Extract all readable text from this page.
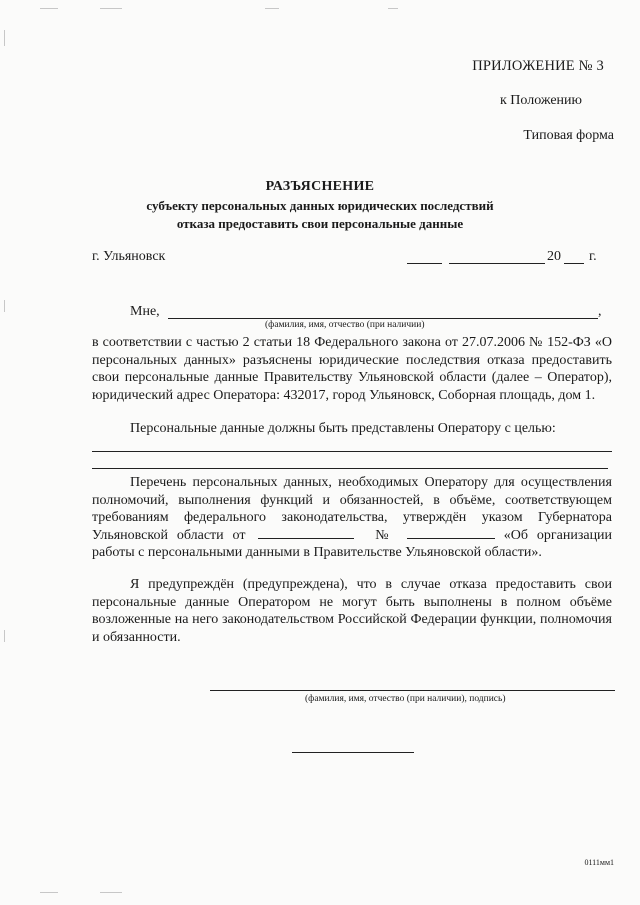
ПРИЛОЖЕНИЕ № 3
к Положению
Типовая форма
РАЗЪЯСНЕНИЕ
субъекту персональных данных юридических последствий
отказа предоставить свои персональные данные
г. Ульяновск	20 г.
Мне,	,
(фамилия, имя, отчество (при наличии)

в соответствии с частью 2 статьи 18 Федерального закона от 27.07.2006 № 152-ФЗ «О персональных данных» разъяснены юридические последствия отказа предоставить свои персональные данные Правительству Ульяновской области (далее – Оператор), юридический адрес Оператора: 432017, город Ульяновск, Соборная площадь, дом 1.

Персональные данные должны быть представлены Оператору с целью:

Перечень персональных данных, необходимых Оператору для осуществления полномочий, выполнения функций и обязанностей, в объёме, соответствующем требованиям федерального законодательства, утверждён указом Губернатора Ульяновской области от	№	«Об организации работы с персональными данными в Правительстве Ульяновской области».

Я предупреждён (предупреждена), что в случае отказа предоставить свои персональные данные Оператором не могут быть выполнены в полном объёме возложенные на него законодательством Российской Федерации функции, полномочия и обязанности.

(фамилия, имя, отчество (при наличии), подпись)
0111мм1
